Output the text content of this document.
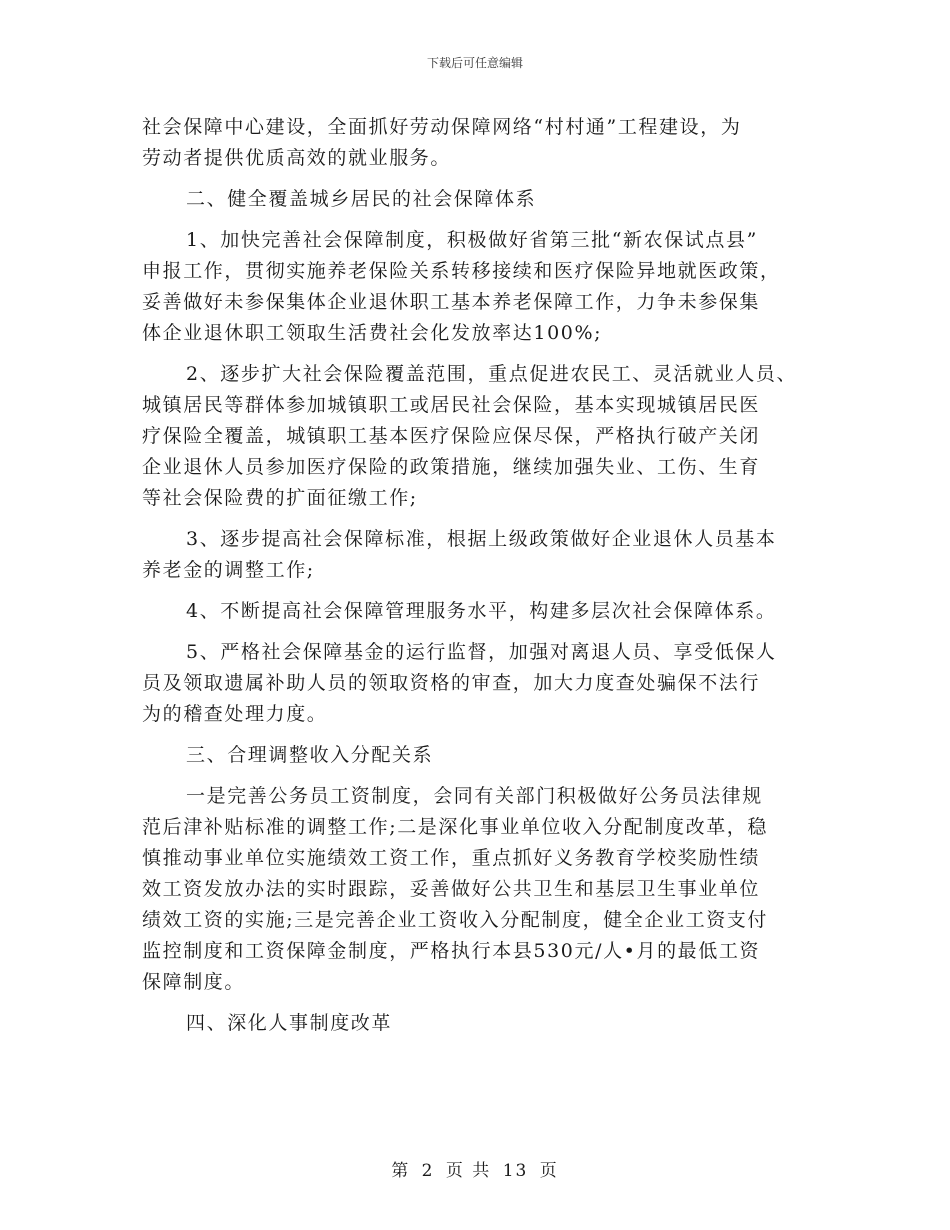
下载后可任意编辑

社会保障中心建设，全面抓好劳动保障网络“村村通”工程建设，为

劳动者提供优质高效的就业服务。

二、健全覆盖城乡居民的社会保障体系

1、加快完善社会保障制度，积极做好省第三批“新农保试点县”

申报工作，贯彻实施养老保险关系转移接续和医疗保险异地就医政策，

妥善做好未参保集体企业退休职工基本养老保障工作，力争未参保集

体企业退休职工领取生活费社会化发放率达100%;

2、逐步扩大社会保险覆盖范围，重点促进农民工、灵活就业人员、

城镇居民等群体参加城镇职工或居民社会保险，基本实现城镇居民医

疗保险全覆盖，城镇职工基本医疗保险应保尽保，严格执行破产关闭

企业退休人员参加医疗保险的政策措施，继续加强失业、工伤、生育

等社会保险费的扩面征缴工作;

3、逐步提高社会保障标准，根据上级政策做好企业退休人员基本

养老金的调整工作;

4、不断提高社会保障管理服务水平，构建多层次社会保障体系。

5、严格社会保障基金的运行监督，加强对离退人员、享受低保人

员及领取遗属补助人员的领取资格的审查，加大力度查处骗保不法行

为的稽查处理力度。

三、合理调整收入分配关系

一是完善公务员工资制度，会同有关部门积极做好公务员法律规

范后津补贴标准的调整工作;二是深化事业单位收入分配制度改革，稳

慎推动事业单位实施绩效工资工作，重点抓好义务教育学校奖励性绩

效工资发放办法的实时跟踪，妥善做好公共卫生和基层卫生事业单位

绩效工资的实施;三是完善企业工资收入分配制度，健全企业工资支付

监控制度和工资保障金制度，严格执行本县530元/人•月的最低工资

保障制度。

四、深化人事制度改革

第 2 页 共 13 页
